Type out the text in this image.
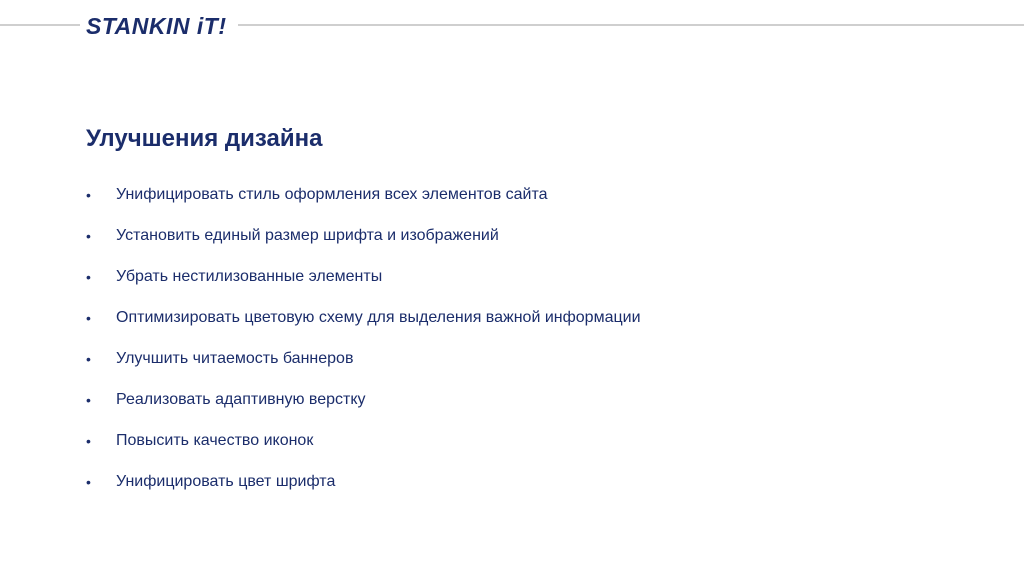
STANKIN iT!
Улучшения дизайна
•	Унифицировать стиль оформления всех элементов сайта
•	Установить единый размер шрифта и изображений
•	Убрать нестилизованные элементы
•	Оптимизировать цветовую схему для выделения важной информации
•	Улучшить читаемость баннеров
•	Реализовать адаптивную верстку
•	Повысить качество иконок
•	Унифицировать цвет шрифта
